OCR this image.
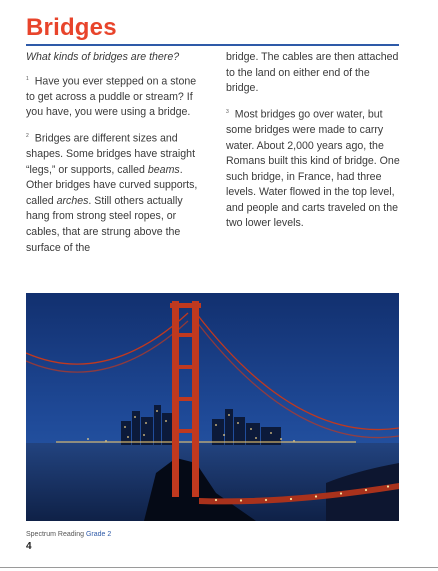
Bridges

What kinds of bridges are there?

$^1$ Have you ever stepped on a stone to get across a puddle or stream? If you have, you were using a bridge.

$^2$ Bridges are different sizes and shapes. Some bridges have straight “legs,” or supports, called beams. Other bridges have curved supports, called arches. Still others actually hang from strong steel ropes, or cables, that are strung above the surface of the

bridge. The cables are then attached to the land on either end of the bridge.

$^3$ Most bridges go over water, but some bridges were made to carry water. About 2,000 years ago, the Romans built this kind of bridge. One such bridge, in France, had three levels. Water flowed in the top level, and people and carts traveled on the two lower levels.

Spectrum Reading Grade 2
4
